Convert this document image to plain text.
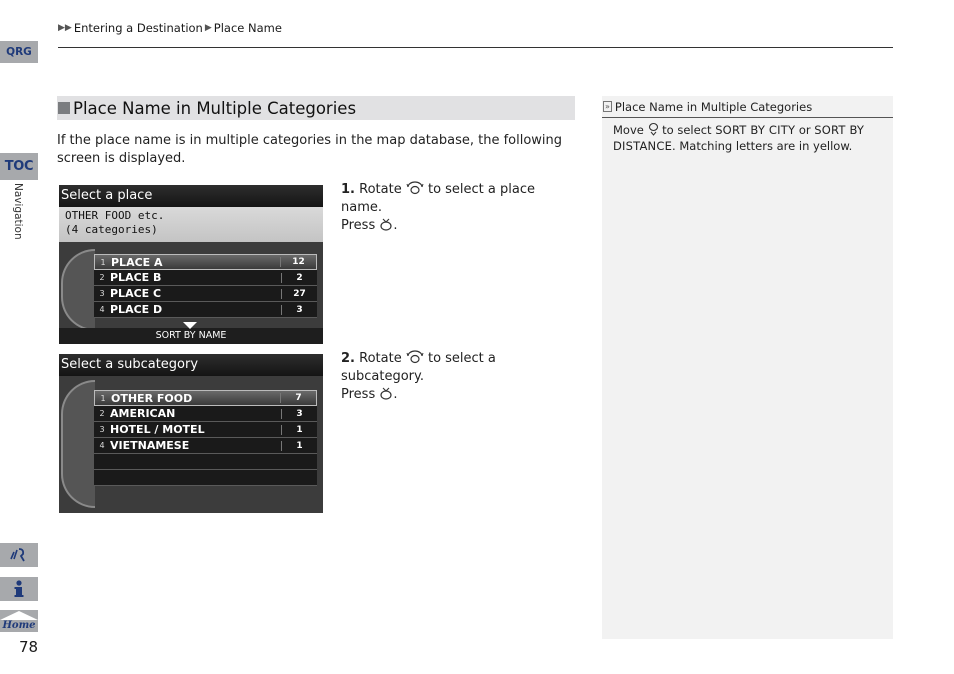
▶▶ Entering a Destination ▶ Place Name
QRG
TOC
Navigation
Home
78
Place Name in Multiple Categories
If the place name is in multiple categories in the map database, the following screen is displayed.
Select a place
OTHER FOOD etc.
(4 categories)
1 PLACE A	12
2 PLACE B	2
3 PLACE C	27
4 PLACE D	3
SORT BY NAME
Select a subcategory
1 OTHER FOOD	7
2 AMERICAN	3
3 HOTEL / MOTEL	1
4 VIETNAMESE	1
1. Rotate to select a place name.
Press .
2. Rotate to select a subcategory.
Press .
» Place Name in Multiple Categories
Move to select SORT BY CITY or SORT BY DISTANCE. Matching letters are in yellow.
